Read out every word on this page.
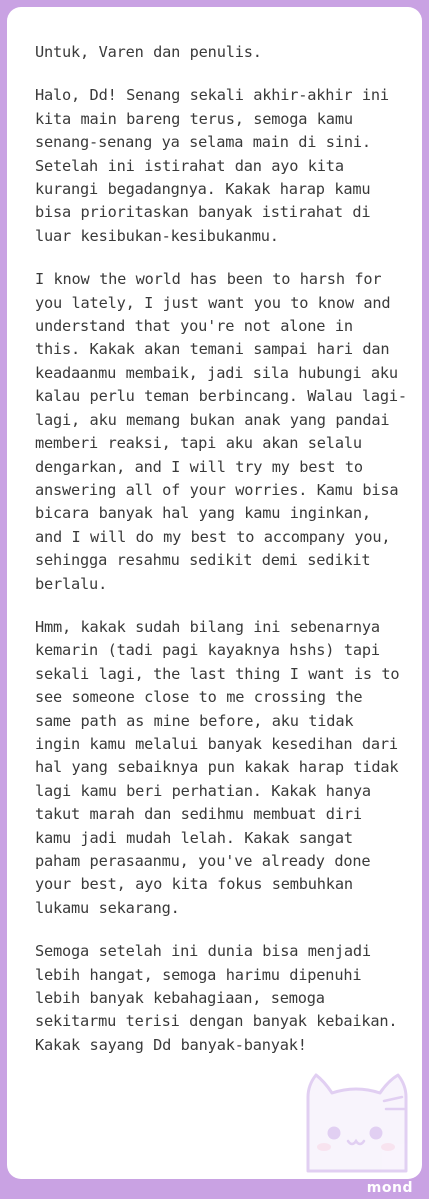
Untuk, Varen dan penulis.

Halo, Dd! Senang sekali akhir-akhir ini kita main bareng terus, semoga kamu senang-senang ya selama main di sini. Setelah ini istirahat dan ayo kita kurangi begadangnya. Kakak harap kamu bisa prioritaskan banyak istirahat di luar kesibukan-kesibukanmu.

I know the world has been to harsh for you lately, I just want you to know and understand that you're not alone in this. Kakak akan temani sampai hari dan keadaanmu membaik, jadi sila hubungi aku kalau perlu teman berbincang. Walau lagi-lagi, aku memang bukan anak yang pandai memberi reaksi, tapi aku akan selalu dengarkan, and I will try my best to answering all of your worries. Kamu bisa bicara banyak hal yang kamu inginkan, and I will do my best to accompany you, sehingga resahmu sedikit demi sedikit berlalu.

Hmm, kakak sudah bilang ini sebenarnya kemarin (tadi pagi kayaknya hshs) tapi sekali lagi, the last thing I want is to see someone close to me crossing the same path as mine before, aku tidak ingin kamu melalui banyak kesedihan dari hal yang sebaiknya pun kakak harap tidak lagi kamu beri perhatian. Kakak hanya takut marah dan sedihmu membuat diri kamu jadi mudah lelah. Kakak sangat paham perasaanmu, you've already done your best, ayo kita fokus sembuhkan lukamu sekarang.

Semoga setelah ini dunia bisa menjadi lebih hangat, semoga harimu dipenuhi lebih banyak kebahagiaan, semoga sekitarmu terisi dengan banyak kebaikan. Kakak sayang Dd banyak-banyak!

mond
